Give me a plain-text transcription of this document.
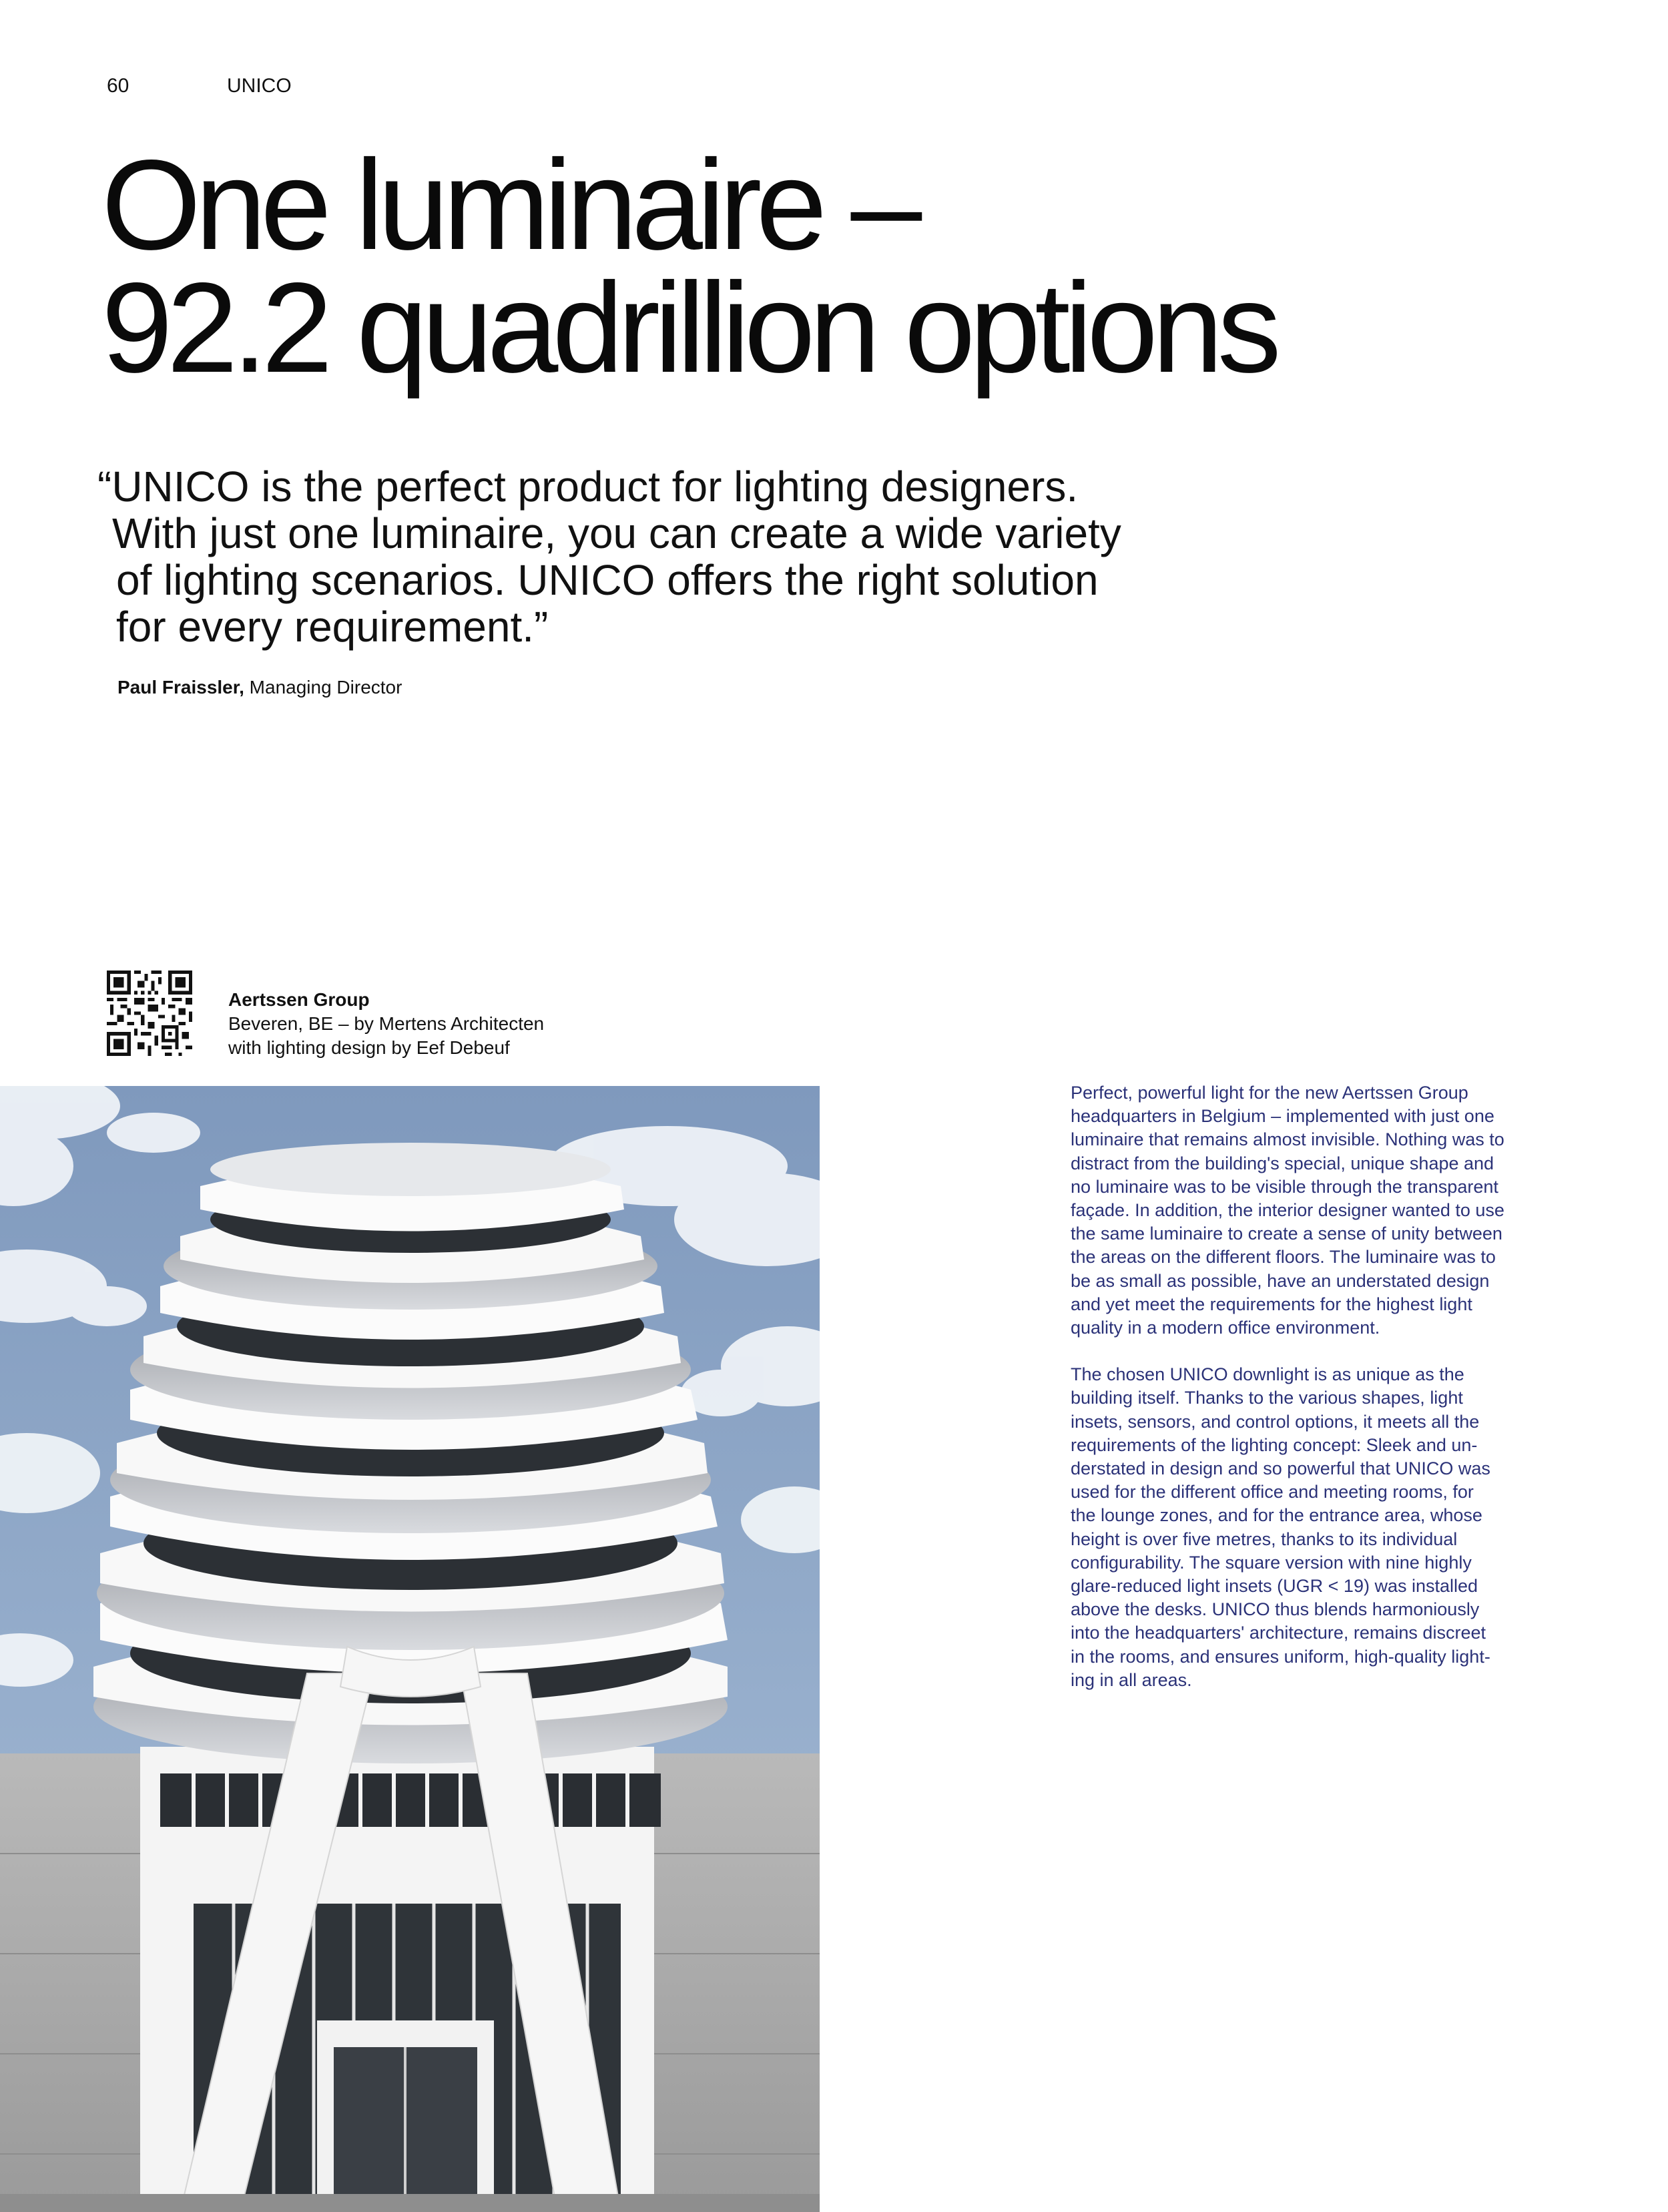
60	UNICO
One luminaire –
92.2 quadrillion options
“UNICO is the perfect product for lighting designers.
With just one luminaire, you can create a wide variety
of lighting scenarios. UNICO offers the right solution
for every requirement.”
Paul Fraissler, Managing Director
Aertssen Group
Beveren, BE – by Mertens Architecten
with lighting design by Eef Debeuf

Perfect, powerful light for the new Aertssen Group
headquarters in Belgium – implemented with just one
luminaire that remains almost invisible. Nothing was to
distract from the building's special, unique shape and
no luminaire was to be visible through the transparent
façade. In addition, the interior designer wanted to use
the same luminaire to create a sense of unity between
the areas on the different floors. The luminaire was to
be as small as possible, have an understated design
and yet meet the requirements for the highest light
quality in a modern office environment.

The chosen UNICO downlight is as unique as the
building itself. Thanks to the various shapes, light
insets, sensors, and control options, it meets all the
requirements of the lighting concept: Sleek and un-
derstated in design and so powerful that UNICO was
used for the different office and meeting rooms, for
the lounge zones, and for the entrance area, whose
height is over five metres, thanks to its individual
configurability. The square version with nine highly
glare-reduced light insets (UGR < 19) was installed
above the desks. UNICO thus blends harmoniously
into the headquarters' architecture, remains discreet
in the rooms, and ensures uniform, high-quality light-
ing in all areas.
